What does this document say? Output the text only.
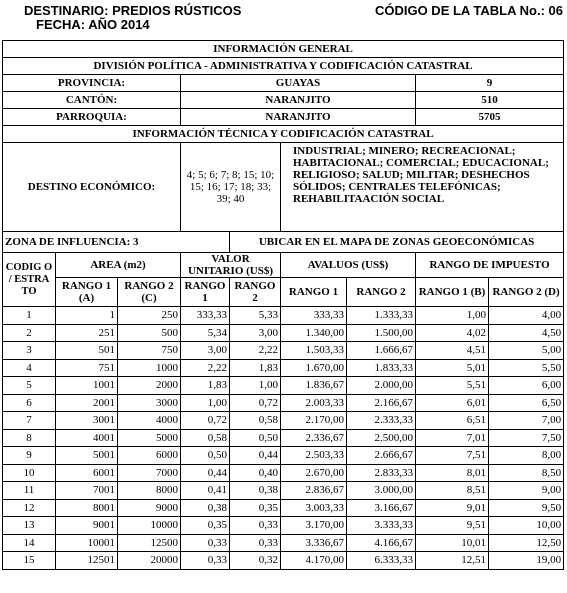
DESTINARIO: PREDIOS RÚSTICOS
FECHA: AÑO 2014
CÓDIGO DE LA TABLA No.: 06
INFORMACIÓN GENERAL								
DIVISIÓN POLÍTICA - ADMINISTRATIVA Y CODIFICACIÓN CATASTRAL								
PROVINCIA:			GUAYAS				9	
CANTÓN:			NARANJITO				510	
PARROQUIA:			NARANJITO				5705	
INFORMACIÓN TÉCNICA Y CODIFICACIÓN CATASTRAL								
DESTINO ECONÓMICO:			4; 5; 6; 7; 8; 15; 10; 15; 16; 17; 18; 33; 39; 40		INDUSTRIAL; MINERO; RECREACIONAL; HABITACIONAL; COMERCIAL; EDUCACIONAL; RELIGIOSO; SALUD; MILITAR; DESHECHOS SÓLIDOS; CENTRALES TELEFÓNICAS; REHABILITAACIÓN SOCIAL			
ZONA DE INFLUENCIA: 3				UBICAR EN EL MAPA DE ZONAS GEOECONÓMICAS				
CODIG O / ESTRA TO	AREA (m2)		VALOR UNITARIO (US$)		AVALUOS (US$)		RANGO DE IMPUESTO	
	RANGO 1 (A)	RANGO 2 (C)	RANGO 1	RANGO 2	RANGO 1	RANGO 2	RANGO 1 (B)	RANGO 2 (D)
1	1	250	333,33	5,33	333,33	1.333,33	1,00	4,00
2	251	500	5,34	3,00	1.340,00	1.500,00	4,02	4,50
3	501	750	3,00	2,22	1.503,33	1.666,67	4,51	5,00
4	751	1000	2,22	1,83	1.670,00	1.833,33	5,01	5,50
5	1001	2000	1,83	1,00	1.836,67	2.000,00	5,51	6,00
6	2001	3000	1,00	0,72	2.003,33	2.166,67	6,01	6,50
7	3001	4000	0,72	0,58	2.170,00	2.333,33	6,51	7,00
8	4001	5000	0,58	0,50	2.336,67	2.500,00	7,01	7,50
9	5001	6000	0,50	0,44	2.503,33	2.666,67	7,51	8,00
10	6001	7000	0,44	0,40	2.670,00	2.833,33	8,01	8,50
11	7001	8000	0,41	0,38	2.836,67	3.000,00	8,51	9,00
12	8001	9000	0,38	0,35	3.003,33	3.166,67	9,01	9,50
13	9001	10000	0,35	0,33	3.170,00	3.333,33	9,51	10,00
14	10001	12500	0,33	0,33	3.336,67	4.166,67	10,01	12,50
15	12501	20000	0,33	0,32	4.170,00	6.333,33	12,51	19,00
